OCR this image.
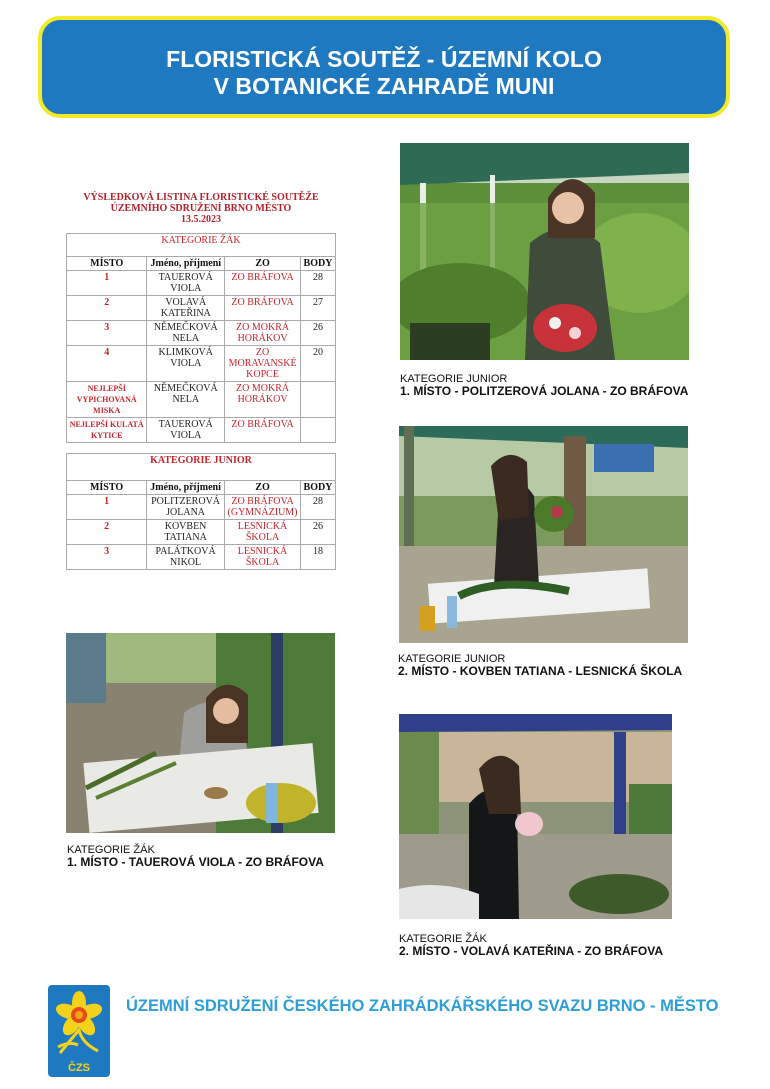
FLORISTICKÁ SOUTĚŽ - ÚZEMNÍ KOLO
V BOTANICKÉ ZAHRADĚ MUNI
VÝSLEDKOVÁ LISTINA FLORISTICKÉ SOUTĚŽE
ÚZEMNÍHO SDRUŽENÍ BRNO MĚSTO
13.5.2023
KATEGORIE ŽÁK			
MÍSTO	Jméno, příjmení	ZO	BODY
1	TAUEROVÁ VIOLA	ZO BRÁFOVA	28
2	VOLAVÁ KATEŘINA	ZO BRÁFOVA	27
3	NĚMEČKOVÁ NELA	ZO MOKRÁ HORÁKOV	26
4	KLIMKOVÁ VIOLA	ZO MORAVANSKÉ KOPCE	20
NEJLEPŠÍ VYPICHOVANÁ MISKA	NĚMEČKOVÁ NELA	ZO MOKRÁ HORÁKOV	
NEJLEPŠÍ KULATÁ KYTICE	TAUEROVÁ VIOLA	ZO BRÁFOVA	
KATEGORIE JUNIOR			
MÍSTO	Jméno, příjmení	ZO	BODY
1	POLITZEROVÁ JOLANA	ZO BRÁFOVA (GYMNÁZIUM)	28
2	KOVBEN TATIANA	LESNICKÁ ŠKOLA	26
3	PALÁTKOVÁ NIKOL	LESNICKÁ ŠKOLA	18
KATEGORIE JUNIOR
1. MÍSTO - POLITZEROVÁ JOLANA - ZO BRÁFOVA
KATEGORIE JUNIOR
2. MÍSTO - KOVBEN TATIANA - LESNICKÁ ŠKOLA
KATEGORIE ŽÁK
1. MÍSTO - TAUEROVÁ VIOLA - ZO BRÁFOVA
KATEGORIE ŽÁK
2. MÍSTO - VOLAVÁ KATEŘINA - ZO BRÁFOVA
ČZS
ÚZEMNÍ SDRUŽENÍ ČESKÉHO ZAHRÁDKÁŘSKÉHO SVAZU BRNO - MĚSTO
